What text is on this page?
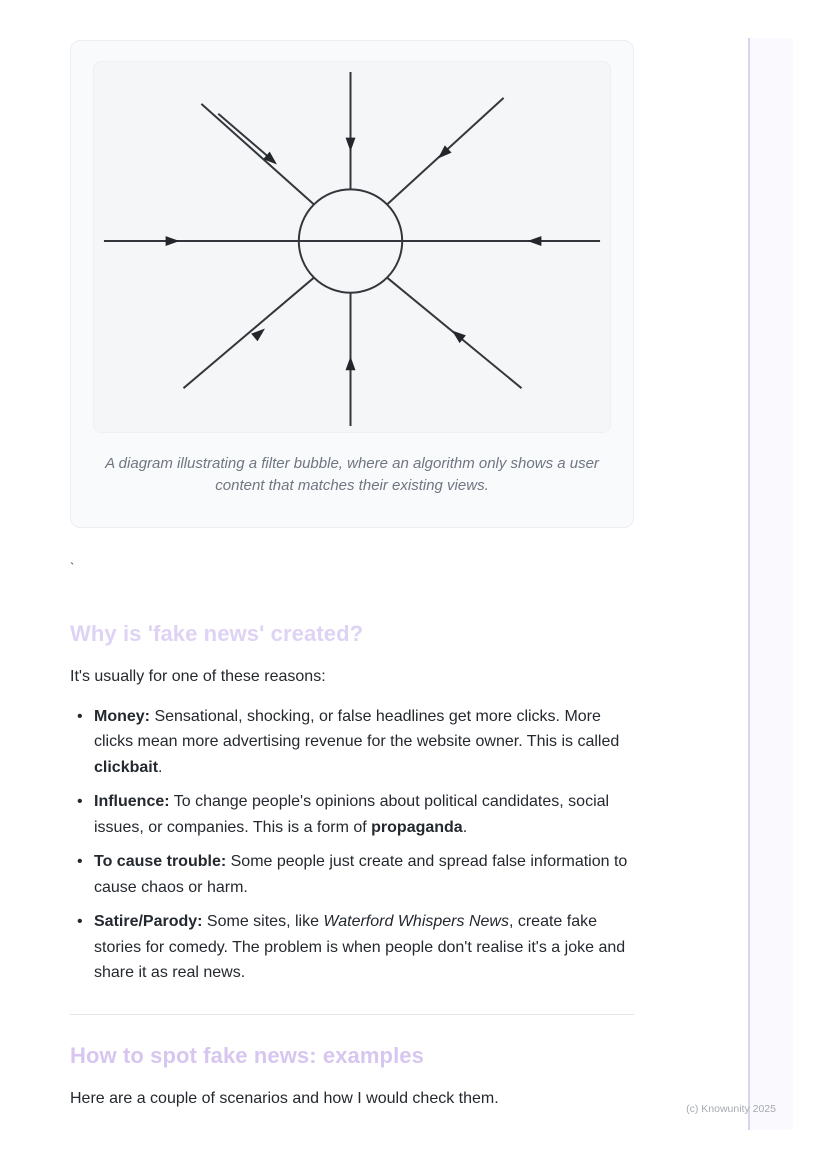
A diagram illustrating a filter bubble, where an algorithm only shows a user content that matches their existing views.

`

Why is 'fake news' created?

It's usually for one of these reasons:

• Money: Sensational, shocking, or false headlines get more clicks. More clicks mean more advertising revenue for the website owner. This is called clickbait.
• Influence: To change people's opinions about political candidates, social issues, or companies. This is a form of propaganda.
• To cause trouble: Some people just create and spread false information to cause chaos or harm.
• Satire/Parody: Some sites, like Waterford Whispers News, create fake stories for comedy. The problem is when people don't realise it's a joke and share it as real news.
How to spot fake news: examples

Here are a couple of scenarios and how I would check them.

(c) Knowunity 2025
